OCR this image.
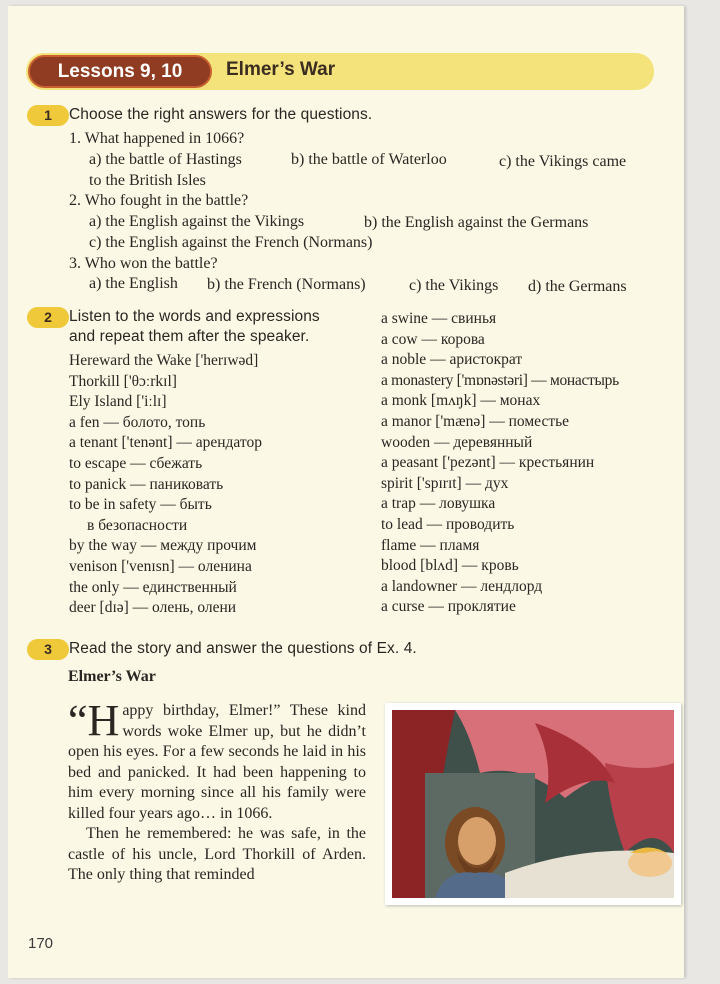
Lessons 9, 10	Elmer’s War
1	Choose the right answers for the questions.
1. What happened in 1066?
a) the battle of Hastings	b) the battle of Waterloo	c) the Vikings came
to the British Isles
2. Who fought in the battle?
a) the English against the Vikings	b) the English against the Germans
c) the English against the French (Normans)
3. Who won the battle?
a) the English b) the French (Normans)	c) the Vikings d) the Germans
2	Listen to the words and expressions
and repeat them after the speaker.
Hereward the Wake ['herɪwəd]
Thorkill ['θɔːrkɪl]
Ely Island ['iːlɪ]
a fen — болото, топь
a tenant ['tenənt] — арендатор
to escape — сбежать
to panick — паниковать
to be in safety — быть
в безопасности
by the way — между прочим
venison ['venɪsn] — оленина
the only — единственный
deer [dɪə] — олень, олени
a swine — свинья
a cow — корова
a noble — аристократ
a monastery ['mɒnəstəri] — монастырь
a monk [mʌŋk] — монах
a manor ['mænə] — поместье
wooden — деревянный
a peasant ['pezənt] — крестьянин
spirit ['spɪrɪt] — дух
a trap — ловушка
to lead — проводить
flame — пламя
blood [blʌd] — кровь
a landowner — лендлорд
a curse — проклятие
3	Read the story and answer the questions of Ex. 4.
Elmer’s War

“Happy birthday, Elmer!” These kind words woke Elmer up, but he didn’t open his eyes. For a few seconds he laid in his bed and panicked. It had been happening to him every morning since all his family were killed four years ago… in 1066.

Then he remembered: he was safe, in the castle of his uncle, Lord Thorkill of Arden. The only thing that reminded

170
